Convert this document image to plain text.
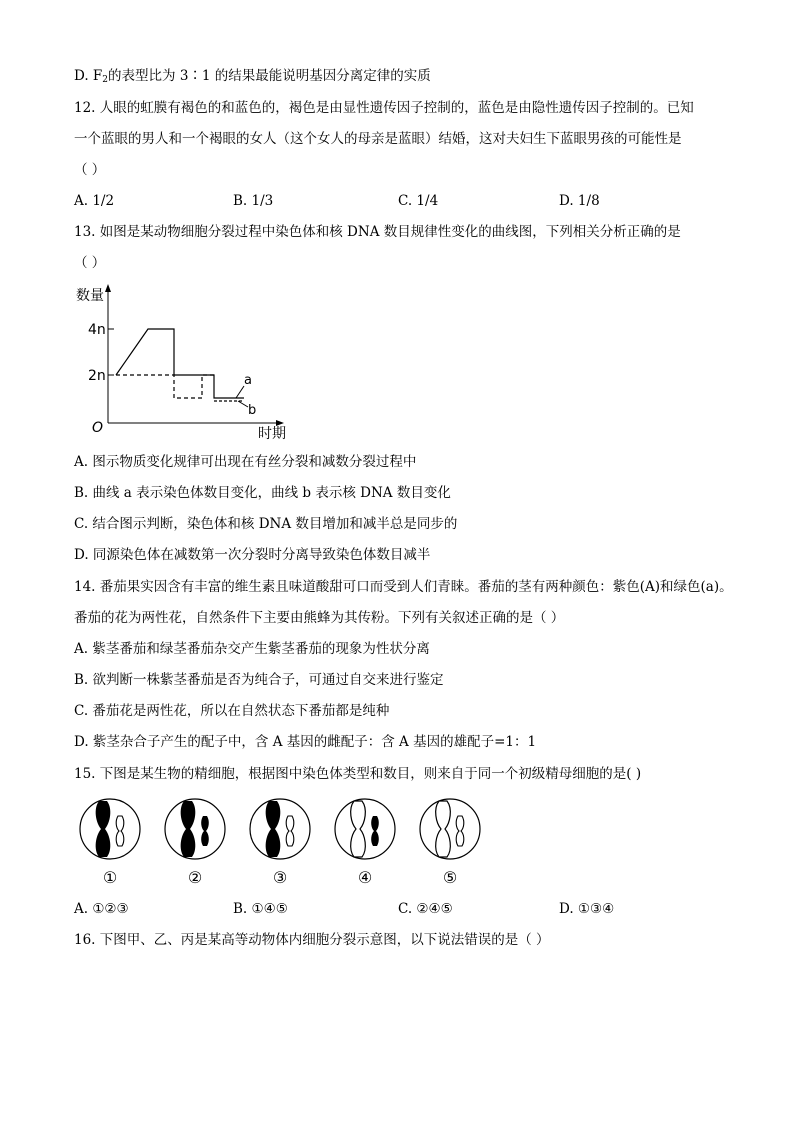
D. $F_2$的表型比为 3∶1 的结果最能说明基因分离定律的实质
12. 人眼的虹膜有褐色的和蓝色的，褐色是由显性遗传因子控制的，蓝色是由隐性遗传因子控制的。已知
一个蓝眼的男人和一个褐眼的女人（这个女人的母亲是蓝眼）结婚，这对夫妇生下蓝眼男孩的可能性是
（ ）
A. 1/2	B. 1/3	C. 1/4	D. 1/8
13. 如图是某动物细胞分裂过程中染色体和核 DNA 数目规律性变化的曲线图，下列相关分析正确的是
（ ）
数量
时期
O
4n
2n	a
b
A. 图示物质变化规律可出现在有丝分裂和减数分裂过程中
B. 曲线 a 表示染色体数目变化，曲线 b 表示核 DNA 数目变化
C. 结合图示判断，染色体和核 DNA 数目增加和减半总是同步的
D. 同源染色体在减数第一次分裂时分离导致染色体数目减半
14. 番茄果实因含有丰富的维生素且味道酸甜可口而受到人们青睐。番茄的茎有两种颜色：紫色(A)和绿色(a)。
番茄的花为两性花，自然条件下主要由熊蜂为其传粉。下列有关叙述正确的是（ ）
A. 紫茎番茄和绿茎番茄杂交产生紫茎番茄的现象为性状分离
B. 欲判断一株紫茎番茄是否为纯合子，可通过自交来进行鉴定
C. 番茄花是两性花，所以在自然状态下番茄都是纯种
D. 紫茎杂合子产生的配子中，含 A 基因的雌配子：含 A 基因的雄配子=1：1
15. 下图是某生物的精细胞，根据图中染色体类型和数目，则来自于同一个初级精母细胞的是( )
①	②	③	④	⑤
A. ①②③	B. ①④⑤	C. ②④⑤	D. ①③④
16. 下图甲、乙、丙是某高等动物体内细胞分裂示意图，以下说法错误的是（ ）
